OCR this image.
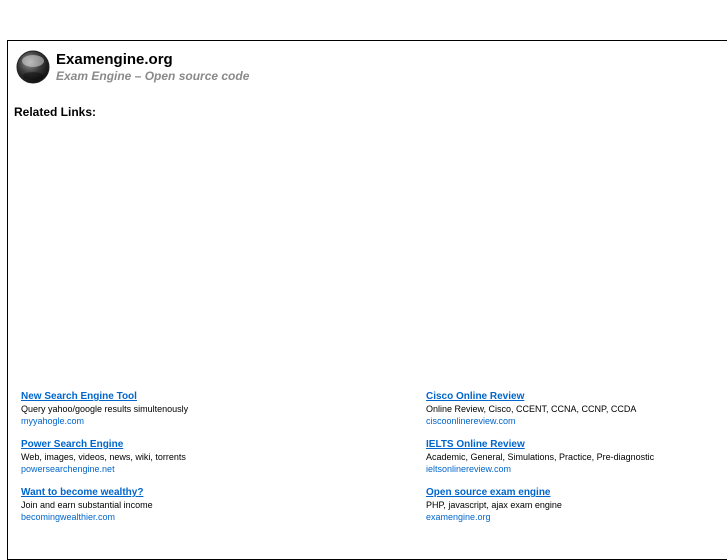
Examengine.org
Exam Engine – Open source code
Related Links:
New Search Engine Tool
Query yahoo/google results simultenously
myyahogle.com
Cisco Online Review
Online Review, Cisco, CCENT, CCNA, CCNP, CCDA
ciscoonlinereview.com
Power Search Engine
Web, images, videos, news, wiki, torrents
powersearchengine.net
IELTS Online Review
Academic, General, Simulations, Practice, Pre-diagnostic
ieltsonlinereview.com
Want to become wealthy?
Join and earn substantial income
becomingwealthier.com
Open source exam engine
PHP, javascript, ajax exam engine
examengine.org
